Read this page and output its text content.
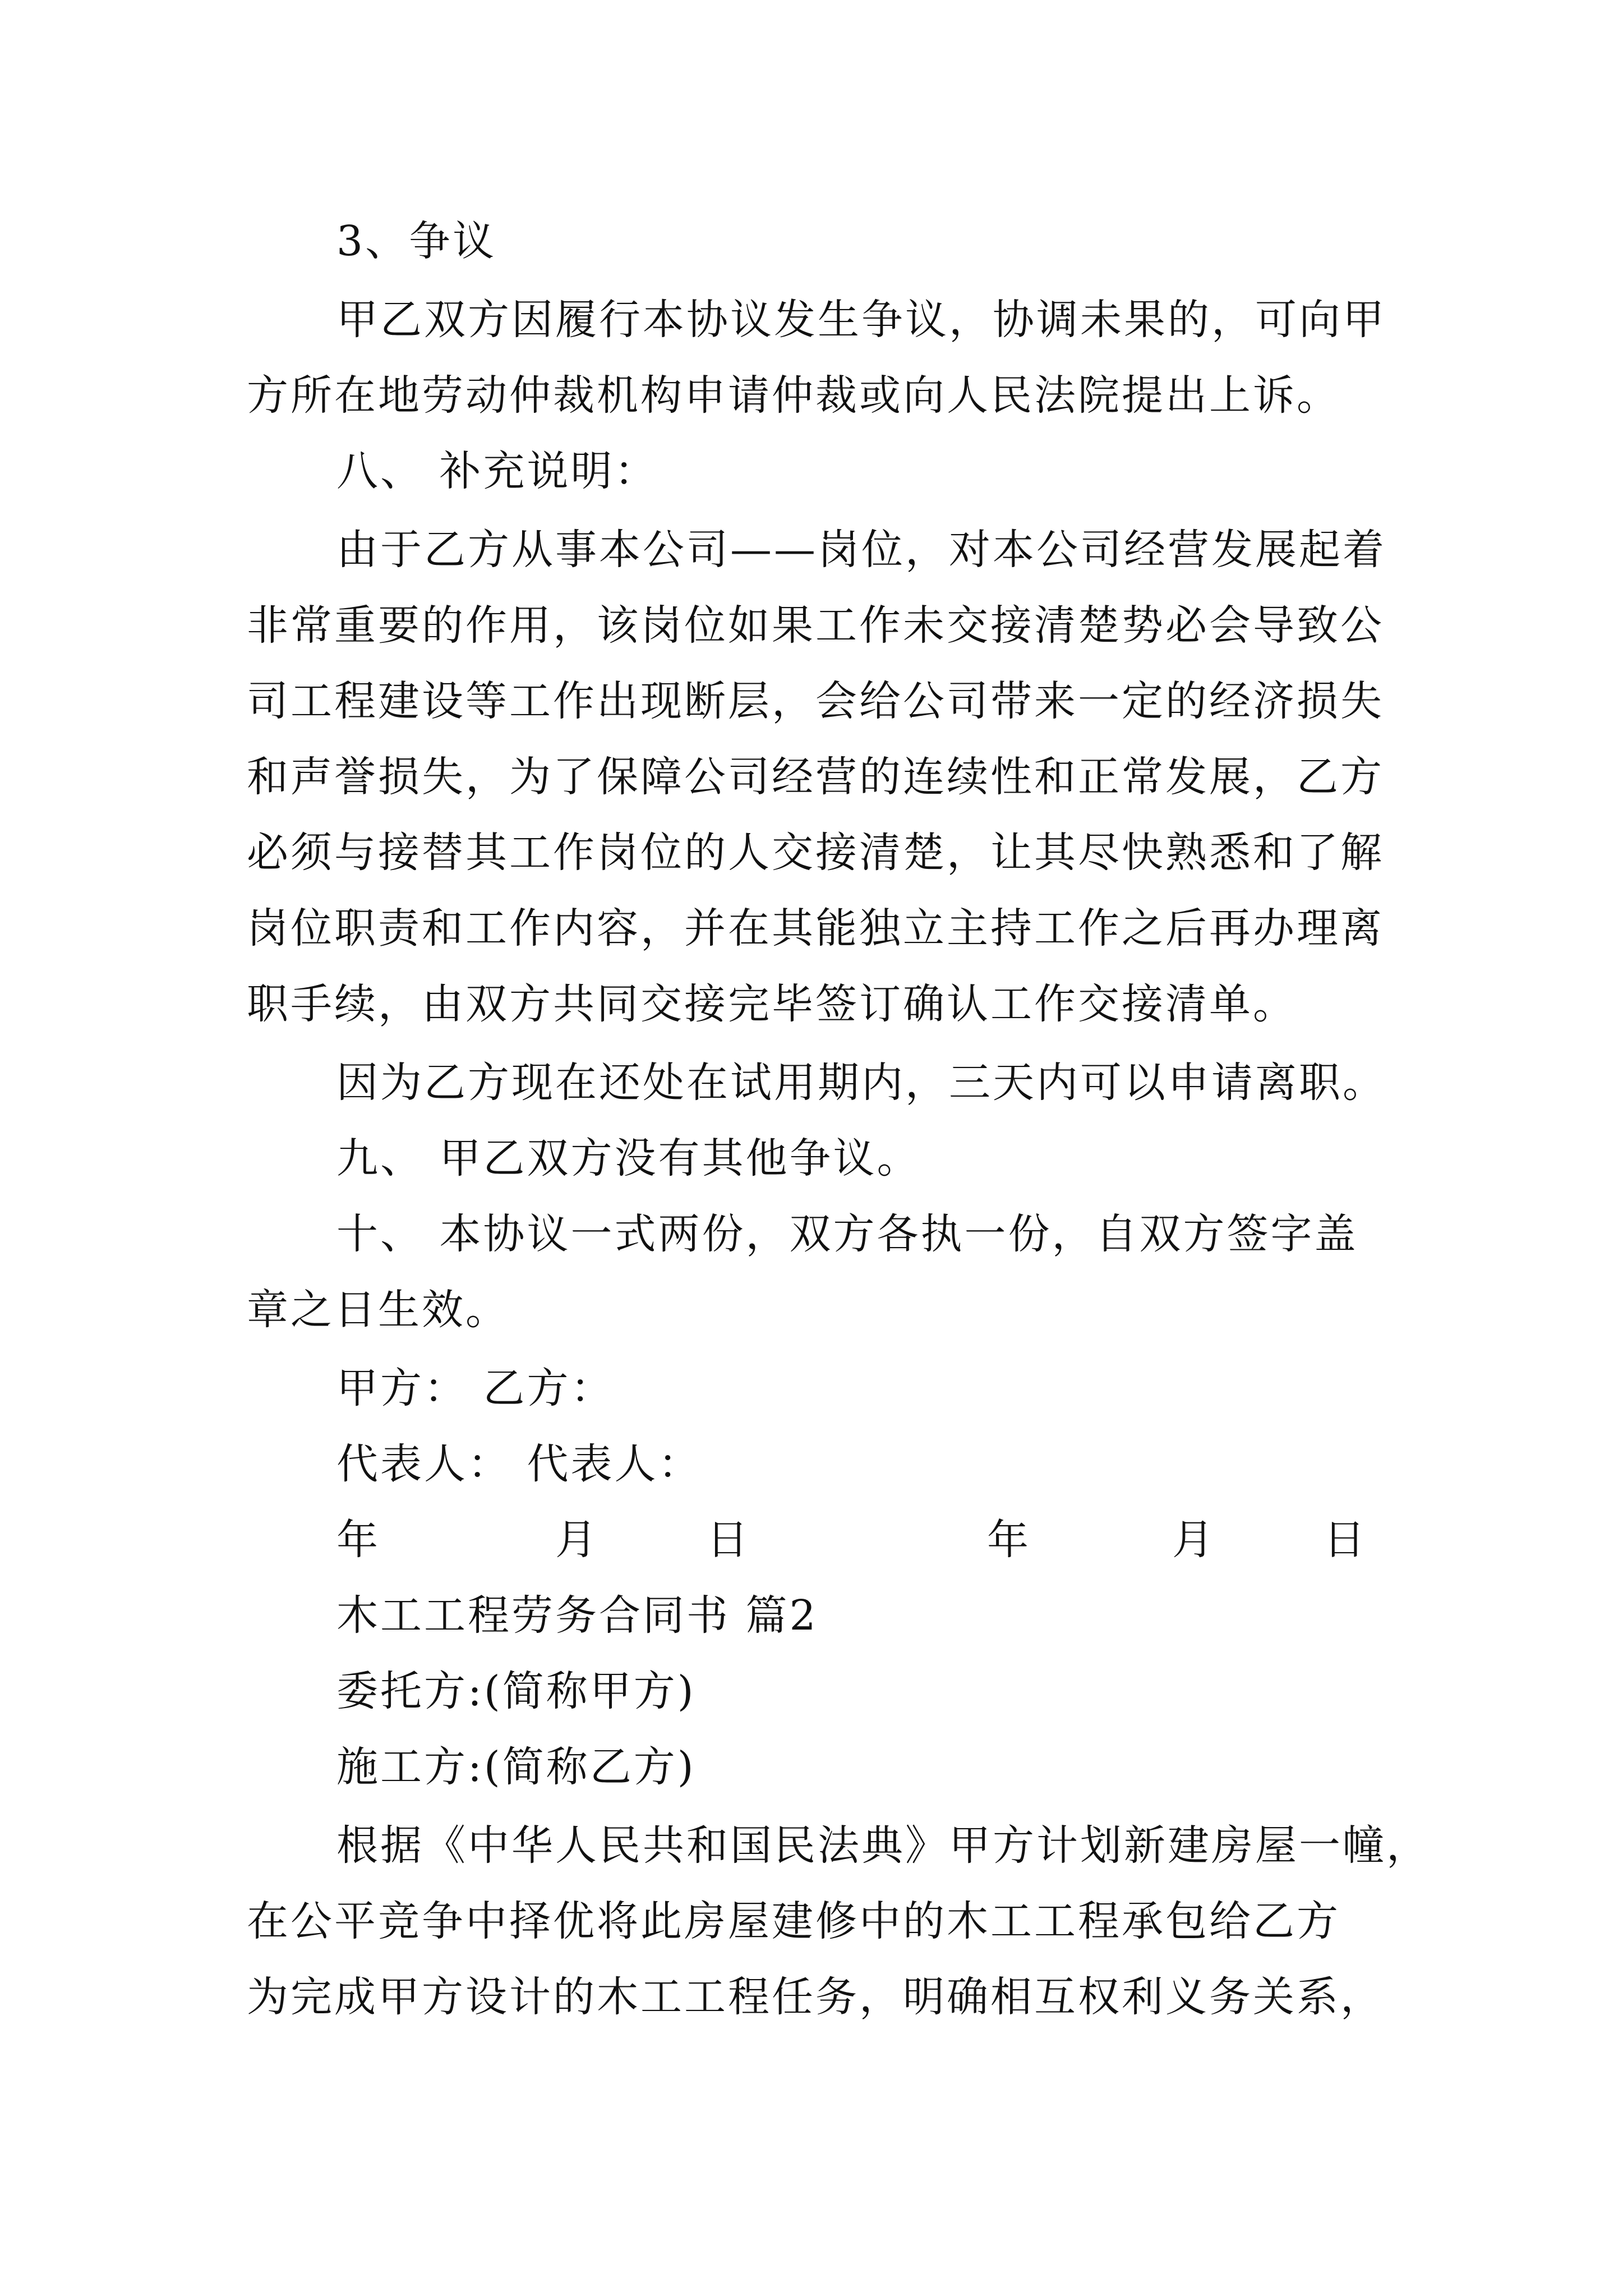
3、争议
甲乙双方因履行本协议发生争议，协调未果的，可向甲
方所在地劳动仲裁机构申请仲裁或向人民法院提出上诉。
八、 补充说明：
由于乙方从事本公司——岗位，对本公司经营发展起着
非常重要的作用，该岗位如果工作未交接清楚势必会导致公
司工程建设等工作出现断层，会给公司带来一定的经济损失
和声誉损失，为了保障公司经营的连续性和正常发展，乙方
必须与接替其工作岗位的人交接清楚，让其尽快熟悉和了解
岗位职责和工作内容，并在其能独立主持工作之后再办理离
职手续，由双方共同交接完毕签订确认工作交接清单。
因为乙方现在还处在试用期内，三天内可以申请离职。
九、 甲乙双方没有其他争议。
十、 本协议一式两份，双方各执一份，自双方签字盖
章之日生效。
甲方： 乙方：
代表人： 代表人：
年	月	日	年	月	日
木工工程劳务合同书 篇2
委托方:(简称甲方)
施工方:(简称乙方)
根据《中华人民共和国民法典》甲方计划新建房屋一幢，
在公平竞争中择优将此房屋建修中的木工工程承包给乙方
为完成甲方设计的木工工程任务，明确相互权利义务关系，
